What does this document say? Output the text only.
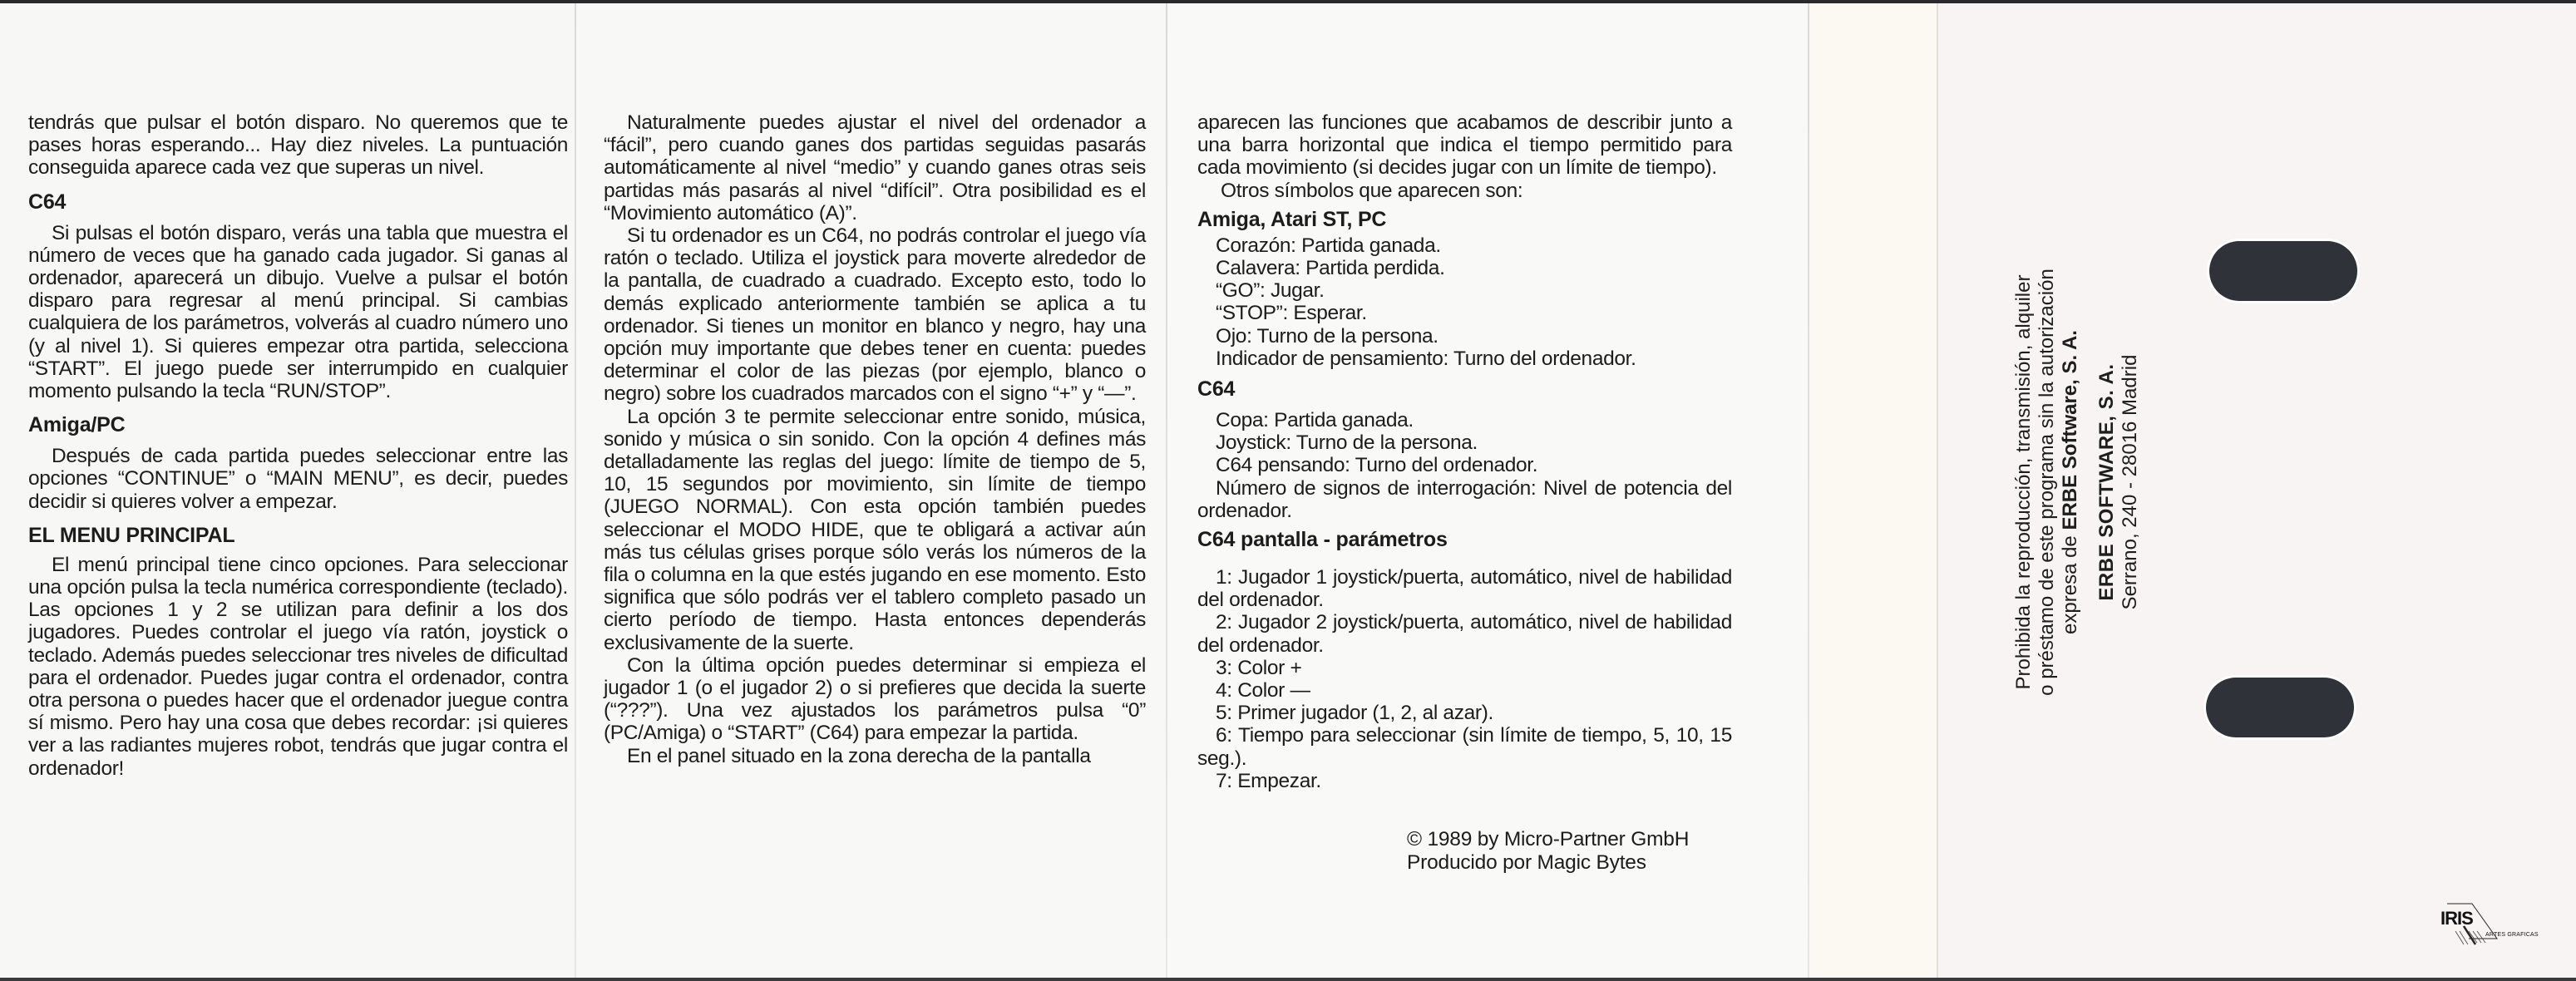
tendrás que pulsar el botón disparo. No queremos que te pases horas esperando... Hay diez niveles. La puntuación conseguida aparece cada vez que superas un nivel.

C64

Si pulsas el botón disparo, verás una tabla que muestra el número de veces que ha ganado cada jugador. Si ganas al ordenador, aparecerá un dibujo. Vuelve a pulsar el botón disparo para regresar al menú principal. Si cambias cualquiera de los parámetros, volverás al cuadro número uno (y al nivel 1). Si quieres empezar otra partida, selecciona “START”. El juego puede ser interrumpido en cualquier momento pulsando la tecla “RUN/STOP”.

Amiga/PC

Después de cada partida puedes seleccionar entre las opciones “CONTINUE” o “MAIN MENU”, es decir, puedes decidir si quieres volver a empezar.

EL MENU PRINCIPAL

El menú principal tiene cinco opciones. Para seleccionar una opción pulsa la tecla numérica correspondiente (teclado). Las opciones 1 y 2 se utilizan para definir a los dos jugadores. Puedes controlar el juego vía ratón, joystick o teclado. Además puedes seleccionar tres niveles de dificultad para el ordenador. Puedes jugar contra el ordenador, contra otra persona o puedes hacer que el ordenador juegue contra sí mismo. Pero hay una cosa que debes recordar: ¡si quieres ver a las radiantes mujeres robot, tendrás que jugar contra el ordenador!

Naturalmente puedes ajustar el nivel del ordenador a “fácil”, pero cuando ganes dos partidas seguidas pasarás automáticamente al nivel “medio” y cuando ganes otras seis partidas más pasarás al nivel “difícil”. Otra posibilidad es el “Movimiento automático (A)”.

Si tu ordenador es un C64, no podrás controlar el juego vía ratón o teclado. Utiliza el joystick para moverte alrededor de la pantalla, de cuadrado a cuadrado. Excepto esto, todo lo demás explicado anteriormente también se aplica a tu ordenador. Si tienes un monitor en blanco y negro, hay una opción muy importante que debes tener en cuenta: puedes determinar el color de las piezas (por ejemplo, blanco o negro) sobre los cuadrados marcados con el signo “+” y “—”.

La opción 3 te permite seleccionar entre sonido, música, sonido y música o sin sonido. Con la opción 4 defines más detalladamente las reglas del juego: límite de tiempo de 5, 10, 15 segundos por movimiento, sin límite de tiempo (JUEGO NORMAL). Con esta opción también puedes seleccionar el MODO HIDE, que te obligará a activar aún más tus células grises porque sólo verás los números de la fila o columna en la que estés jugando en ese momento. Esto significa que sólo podrás ver el tablero completo pasado un cierto período de tiempo. Hasta entonces dependerás exclusivamente de la suerte.

Con la última opción puedes determinar si empieza el jugador 1 (o el jugador 2) o si prefieres que decida la suerte (“???”). Una vez ajustados los parámetros pulsa “0” (PC/Amiga) o “START” (C64) para empezar la partida.

En el panel situado en la zona derecha de la pantalla

aparecen las funciones que acabamos de describir junto a una barra horizontal que indica el tiempo permitido para cada movimiento (si decides jugar con un límite de tiempo).

Otros símbolos que aparecen son:

Amiga, Atari ST, PC

Corazón: Partida ganada.

Calavera: Partida perdida.

“GO”: Jugar.

“STOP”: Esperar.

Ojo: Turno de la persona.

Indicador de pensamiento: Turno del ordenador.

C64

Copa: Partida ganada.

Joystick: Turno de la persona.

C64 pensando: Turno del ordenador.

Número de signos de interrogación: Nivel de potencia del ordenador.

C64 pantalla - parámetros

1: Jugador 1 joystick/puerta, automático, nivel de habilidad del ordenador.

2: Jugador 2 joystick/puerta, automático, nivel de habilidad del ordenador.

3: Color +

4: Color —

5: Primer jugador (1, 2, al azar).

6: Tiempo para seleccionar (sin límite de tiempo, 5, 10, 15 seg.).

7: Empezar.

© 1989 by Micro-Partner GmbH
Producido por Magic Bytes
Prohibida la reproducción, transmisión, alquiler o préstamo de este programa sin la autorización expresa de ERBE Software, S. A. ERBE SOFTWARE, S. A. Serrano, 240 - 28016 Madrid
IRIS
ARTES GRAFICAS
